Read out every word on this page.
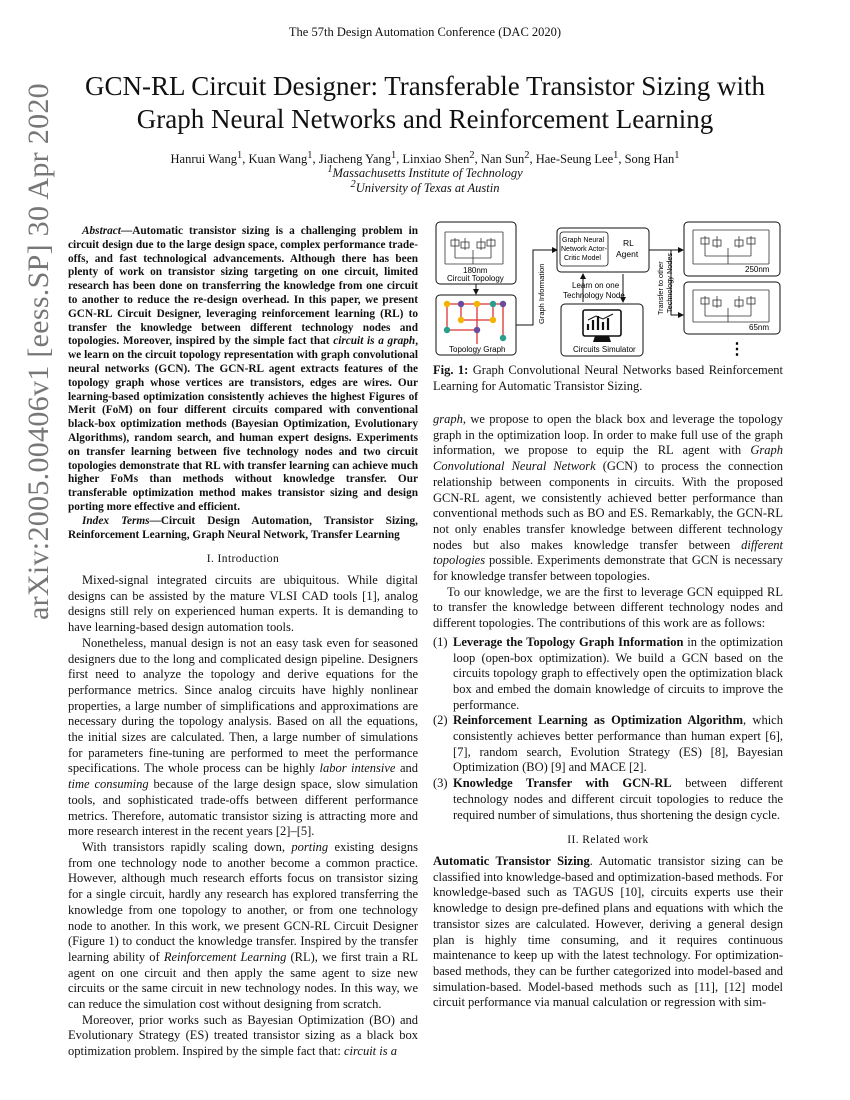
The 57th Design Automation Conference (DAC 2020)
GCN-RL Circuit Designer: Transferable Transistor Sizing with
Graph Neural Networks and Reinforcement Learning
Hanrui Wang$^1$, Kuan Wang$^1$, Jiacheng Yang$^1$, Linxiao Shen$^2$, Nan Sun$^2$, Hae-Seung Lee$^1$, Song Han$^1$
$^1$Massachusetts Institute of Technology
$^2$University of Texas at Austin
arXiv:2005.00406v1 [eess.SP] 30 Apr 2020	Abstract—Automatic transistor sizing is a challenging problem in circuit design due to the large design space, complex performance trade-offs, and fast technological advancements. Although there has been plenty of work on transistor sizing targeting on one circuit, limited research has been done on transferring the knowledge from one circuit to another to reduce the re-design overhead. In this paper, we present GCN-RL Circuit Designer, leveraging reinforcement learning (RL) to transfer the knowledge between different technology nodes and topologies. Moreover, inspired by the simple fact that circuit is a graph, we learn on the circuit topology representation with graph convolutional neural networks (GCN). The GCN-RL agent extracts features of the topology graph whose vertices are transistors, edges are wires. Our learning-based optimization consistently achieves the highest Figures of Merit (FoM) on four different circuits compared with conventional black-box optimization methods (Bayesian Optimization, Evolutionary Algorithms), random search, and human expert designs. Experiments on transfer learning between five technology nodes and two circuit topologies demonstrate that RL with transfer learning can achieve much higher FoMs than methods without knowledge transfer. Our transferable optimization method makes transistor sizing and design porting more effective and efficient.

Index Terms—Circuit Design Automation, Transistor Sizing, Reinforcement Learning, Graph Neural Network, Transfer Learning

I. Introduction

Mixed-signal integrated circuits are ubiquitous. While digital designs can be assisted by the mature VLSI CAD tools [1], analog designs still rely on experienced human experts. It is demanding to have learning-based design automation tools.

Nonetheless, manual design is not an easy task even for seasoned designers due to the long and complicated design pipeline. Designers first need to analyze the topology and derive equations for the performance metrics. Since analog circuits have highly nonlinear properties, a large number of simplifications and approximations are necessary during the topology analysis. Based on all the equations, the initial sizes are calculated. Then, a large number of simulations for parameters fine-tuning are performed to meet the performance specifications. The whole process can be highly labor intensive and time consuming because of the large design space, slow simulation tools, and sophisticated trade-offs between different performance metrics. Therefore, automatic transistor sizing is attracting more and more research interest in the recent years [2]–[5].

With transistors rapidly scaling down, porting existing designs from one technology node to another become a common practice. However, although much research efforts focus on transistor sizing for a single circuit, hardly any research has explored transferring the knowledge from one topology to another, or from one technology node to another. In this work, we present GCN-RL Circuit Designer (Figure 1) to conduct the knowledge transfer. Inspired by the transfer learning ability of Reinforcement Learning (RL), we first train a RL agent on one circuit and then apply the same agent to size new circuits or the same circuit in new technology nodes. In this way, we can reduce the simulation cost without designing from scratch.

Moreover, prior works such as Bayesian Optimization (BO) and Evolutionary Strategy (ES) treated transistor sizing as a black box optimization problem. Inspired by the simple fact that: circuit is a

180nm
Circuit Topology
Topology Graph
Graph Information
Graph Neural
Network Actor-
Critic Model
RL
Agent
Learn on one
Technology Node
Circuits Simulator
Transfer to other Technology Nodes	250nm
65nm
⋮
Fig. 1: Graph Convolutional Neural Networks based Reinforcement Learning for Automatic Transistor Sizing.

graph, we propose to open the black box and leverage the topology graph in the optimization loop. In order to make full use of the graph information, we propose to equip the RL agent with Graph Convolutional Neural Network (GCN) to process the connection relationship between components in circuits. With the proposed GCN-RL agent, we consistently achieved better performance than conventional methods such as BO and ES. Remarkably, the GCN-RL not only enables transfer knowledge between different technology nodes but also makes knowledge transfer between different topologies possible. Experiments demonstrate that GCN is necessary for knowledge transfer between topologies.

To our knowledge, we are the first to leverage GCN equipped RL to transfer the knowledge between different technology nodes and different topologies. The contributions of this work are as follows:

(1) Leverage the Topology Graph Information in the optimization loop (open-box optimization). We build a GCN based on the circuits topology graph to effectively open the optimization black box and embed the domain knowledge of circuits to improve the performance.
(2) Reinforcement Learning as Optimization Algorithm, which consistently achieves better performance than human expert [6], [7], random search, Evolution Strategy (ES) [8], Bayesian Optimization (BO) [9] and MACE [2].
(3) Knowledge Transfer with GCN-RL between different technology nodes and different circuit topologies to reduce the required number of simulations, thus shortening the design cycle.
II. Related work

Automatic Transistor Sizing. Automatic transistor sizing can be classified into knowledge-based and optimization-based methods. For knowledge-based such as TAGUS [10], circuits experts use their knowledge to design pre-defined plans and equations with which the transistor sizes are calculated. However, deriving a general design plan is highly time consuming, and it requires continuous maintenance to keep up with the latest technology. For optimization-based methods, they can be further categorized into model-based and simulation-based. Model-based methods such as [11], [12] model circuit performance via manual calculation or regression with sim-
